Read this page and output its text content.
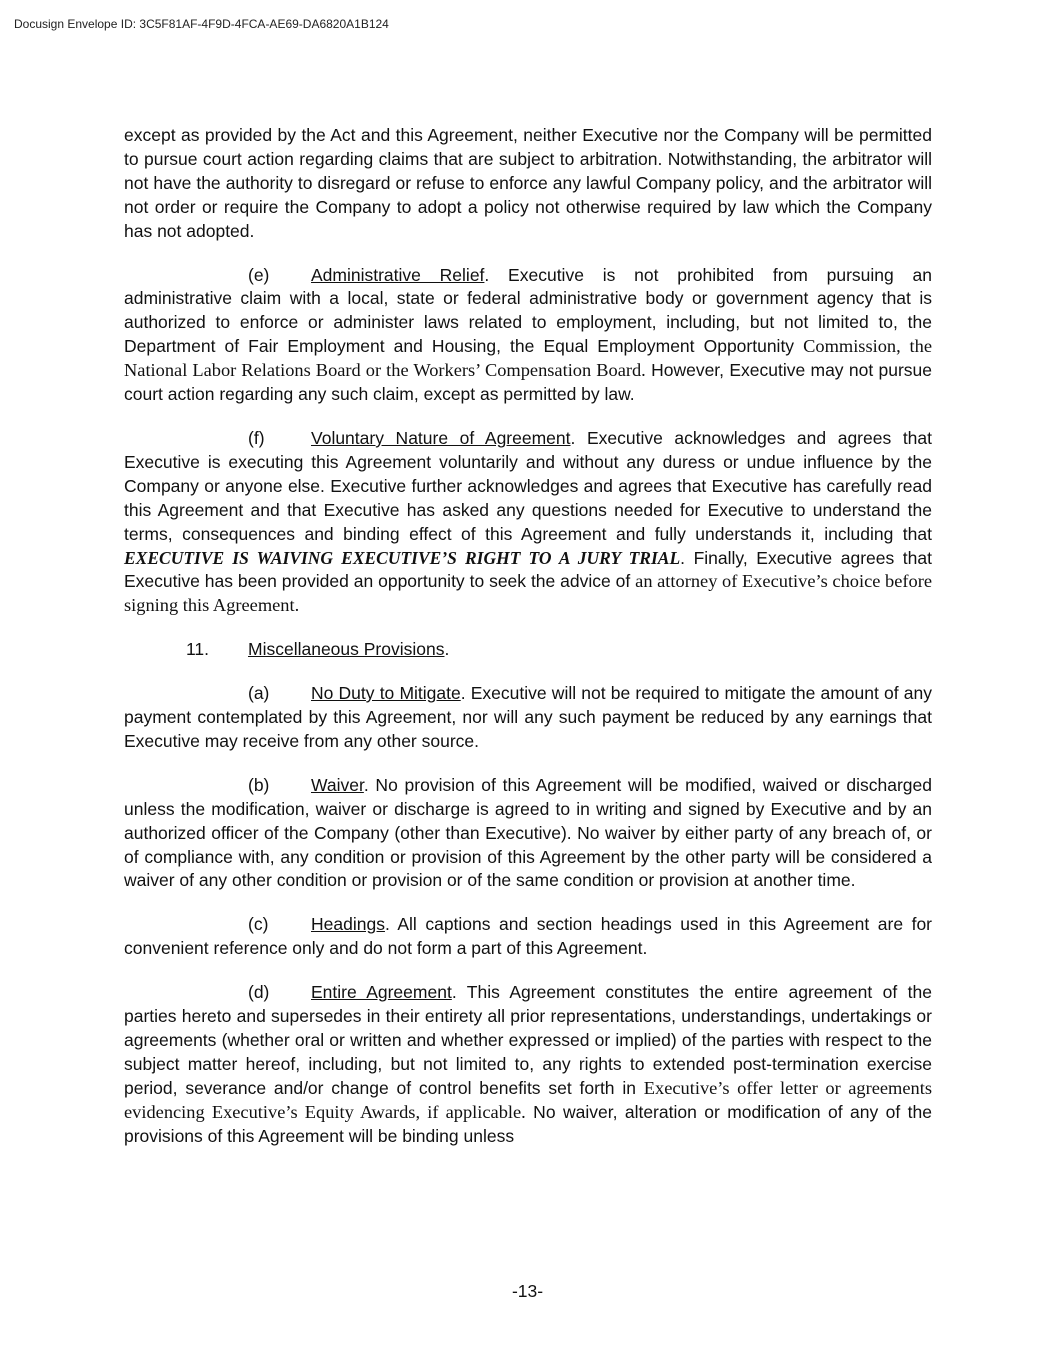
Docusign Envelope ID: 3C5F81AF-4F9D-4FCA-AE69-DA6820A1B124

except as provided by the Act and this Agreement, neither Executive nor the Company will be permitted to pursue court action regarding claims that are subject to arbitration. Notwithstanding, the arbitrator will not have the authority to disregard or refuse to enforce any lawful Company policy, and the arbitrator will not order or require the Company to adopt a policy not otherwise required by law which the Company has not adopted.

(e) Administrative Relief. Executive is not prohibited from pursuing an administrative claim with a local, state or federal administrative body or government agency that is authorized to enforce or administer laws related to employment, including, but not limited to, the Department of Fair Employment and Housing, the Equal Employment Opportunity Commission, the National Labor Relations Board or the Workers’ Compensation Board. However, Executive may not pursue court action regarding any such claim, except as permitted by law.

(f)	Voluntary Nature of Agreement. Executive acknowledges and agrees that Executive is executing this Agreement voluntarily and without any duress or undue influence by the Company or anyone else. Executive further acknowledges and agrees that Executive has carefully read this Agreement and that Executive has asked any questions needed for Executive to understand the terms, consequences and binding effect of this Agreement and fully understands it, including that EXECUTIVE IS WAIVING EXECUTIVE’S RIGHT TO A JURY TRIAL. Finally, Executive agrees that Executive has been provided an opportunity to seek the advice of an attorney of Executive’s choice before signing this Agreement.

11. Miscellaneous Provisions.

(a) No Duty to Mitigate. Executive will not be required to mitigate the amount of any payment contemplated by this Agreement, nor will any such payment be reduced by any earnings that Executive may receive from any other source.

(b) Waiver. No provision of this Agreement will be modified, waived or discharged unless the modification, waiver or discharge is agreed to in writing and signed by Executive and by an authorized officer of the Company (other than Executive). No waiver by either party of any breach of, or of compliance with, any condition or provision of this Agreement by the other party will be considered a waiver of any other condition or provision or of the same condition or provision at another time.

(c) Headings. All captions and section headings used in this Agreement are for convenient reference only and do not form a part of this Agreement.

(d) Entire Agreement. This Agreement constitutes the entire agreement of the parties hereto and supersedes in their entirety all prior representations, understandings, undertakings or agreements (whether oral or written and whether expressed or implied) of the parties with respect to the subject matter hereof, including, but not limited to, any rights to extended post-termination exercise period, severance and/or change of control benefits set forth in Executive’s offer letter or agreements evidencing Executive’s Equity Awards, if applicable. No waiver, alteration or modification of any of the provisions of this Agreement will be binding unless

-13-
